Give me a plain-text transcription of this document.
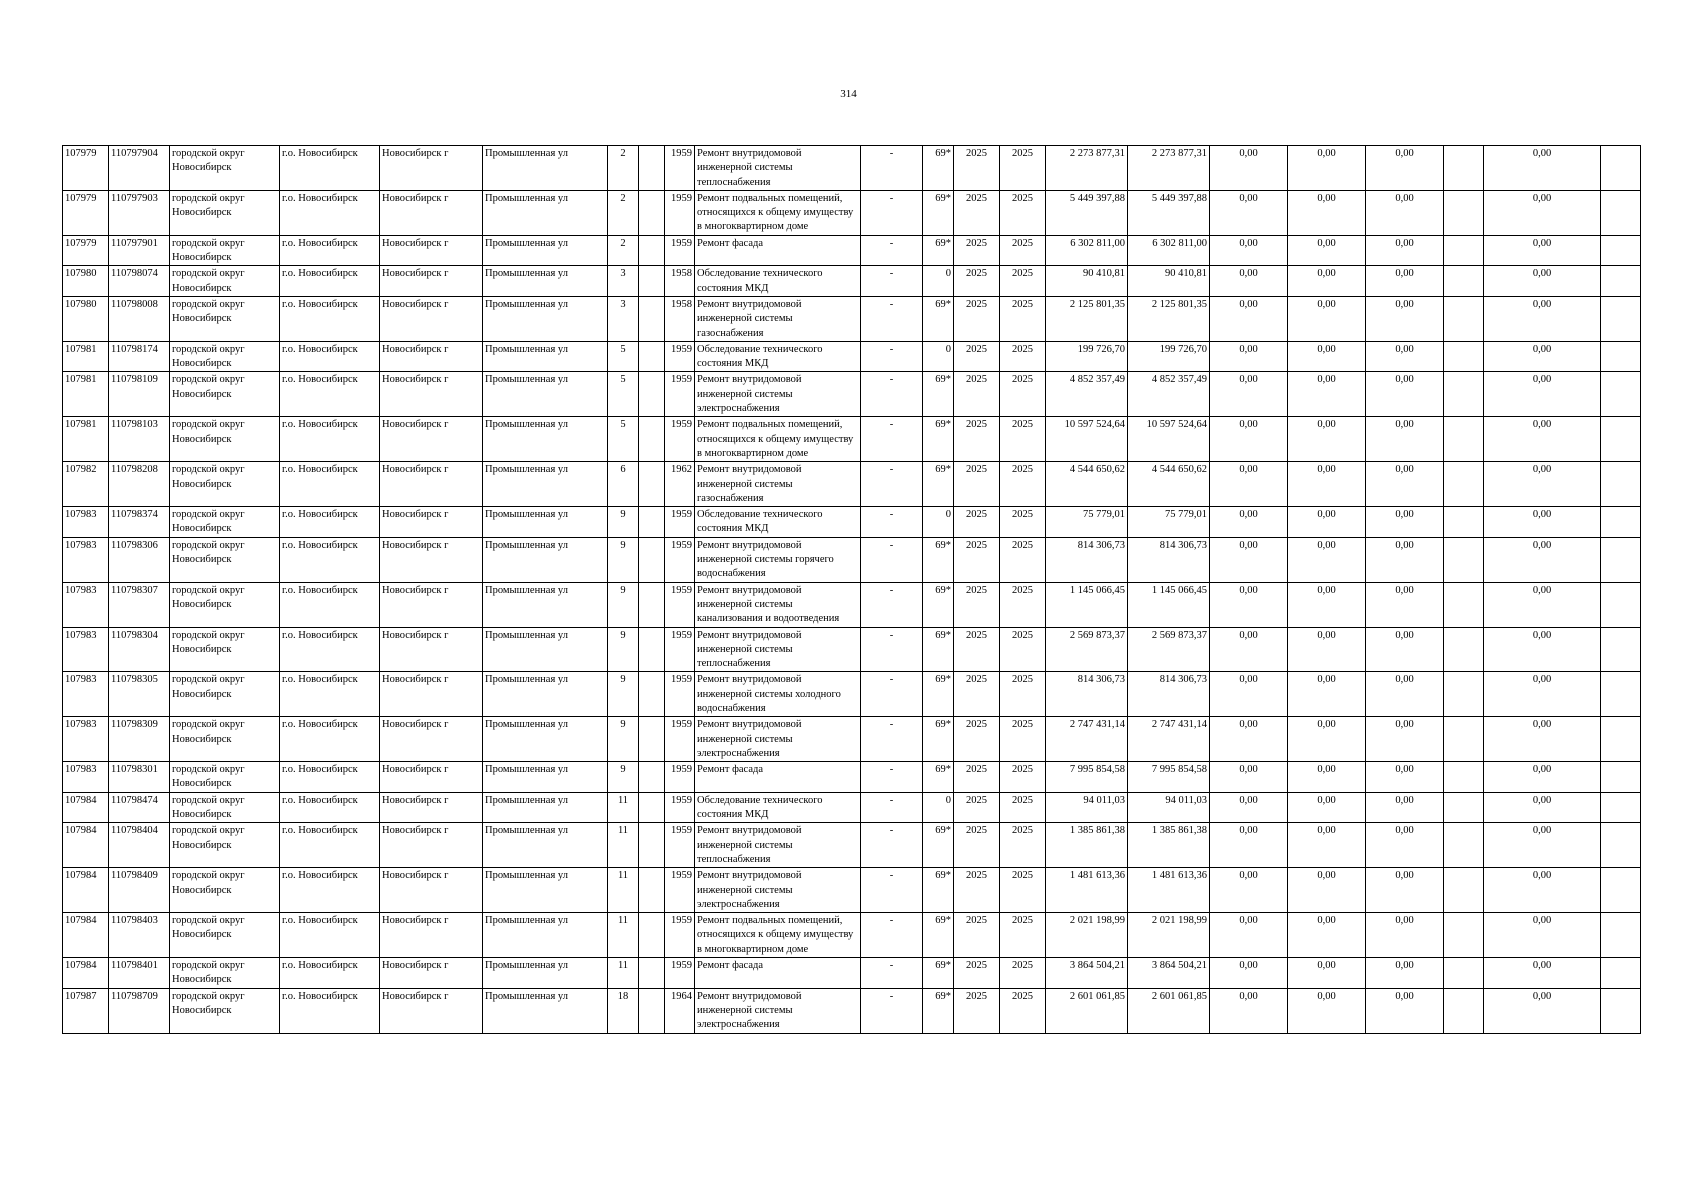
314
107979	110797904	городской округ Новосибирск	г.о. Новосибирск	Новосибирск г	Промышленная ул	2		1959	Ремонт внутридомовой инженерной системы теплоснабжения	-	69*	2025	2025	2 273 877,31	2 273 877,31	0,00	0,00	0,00		0,00	
107979	110797903	городской округ Новосибирск	г.о. Новосибирск	Новосибирск г	Промышленная ул	2		1959	Ремонт подвальных помещений, относящихся к общему имуществу в многоквартирном доме	-	69*	2025	2025	5 449 397,88	5 449 397,88	0,00	0,00	0,00		0,00	
107979	110797901	городской округ Новосибирск	г.о. Новосибирск	Новосибирск г	Промышленная ул	2		1959	Ремонт фасада	-	69*	2025	2025	6 302 811,00	6 302 811,00	0,00	0,00	0,00		0,00	
107980	110798074	городской округ Новосибирск	г.о. Новосибирск	Новосибирск г	Промышленная ул	3		1958	Обследование технического состояния МКД	-	0	2025	2025	90 410,81	90 410,81	0,00	0,00	0,00		0,00	
107980	110798008	городской округ Новосибирск	г.о. Новосибирск	Новосибирск г	Промышленная ул	3		1958	Ремонт внутридомовой инженерной системы газоснабжения	-	69*	2025	2025	2 125 801,35	2 125 801,35	0,00	0,00	0,00		0,00	
107981	110798174	городской округ Новосибирск	г.о. Новосибирск	Новосибирск г	Промышленная ул	5		1959	Обследование технического состояния МКД	-	0	2025	2025	199 726,70	199 726,70	0,00	0,00	0,00		0,00	
107981	110798109	городской округ Новосибирск	г.о. Новосибирск	Новосибирск г	Промышленная ул	5		1959	Ремонт внутридомовой инженерной системы электроснабжения	-	69*	2025	2025	4 852 357,49	4 852 357,49	0,00	0,00	0,00		0,00	
107981	110798103	городской округ Новосибирск	г.о. Новосибирск	Новосибирск г	Промышленная ул	5		1959	Ремонт подвальных помещений, относящихся к общему имуществу в многоквартирном доме	-	69*	2025	2025	10 597 524,64	10 597 524,64	0,00	0,00	0,00		0,00	
107982	110798208	городской округ Новосибирск	г.о. Новосибирск	Новосибирск г	Промышленная ул	6		1962	Ремонт внутридомовой инженерной системы газоснабжения	-	69*	2025	2025	4 544 650,62	4 544 650,62	0,00	0,00	0,00		0,00	
107983	110798374	городской округ Новосибирск	г.о. Новосибирск	Новосибирск г	Промышленная ул	9		1959	Обследование технического состояния МКД	-	0	2025	2025	75 779,01	75 779,01	0,00	0,00	0,00		0,00	
107983	110798306	городской округ Новосибирск	г.о. Новосибирск	Новосибирск г	Промышленная ул	9		1959	Ремонт внутридомовой инженерной системы горячего водоснабжения	-	69*	2025	2025	814 306,73	814 306,73	0,00	0,00	0,00		0,00	
107983	110798307	городской округ Новосибирск	г.о. Новосибирск	Новосибирск г	Промышленная ул	9		1959	Ремонт внутридомовой инженерной системы канализования и водоотведения	-	69*	2025	2025	1 145 066,45	1 145 066,45	0,00	0,00	0,00		0,00	
107983	110798304	городской округ Новосибирск	г.о. Новосибирск	Новосибирск г	Промышленная ул	9		1959	Ремонт внутридомовой инженерной системы теплоснабжения	-	69*	2025	2025	2 569 873,37	2 569 873,37	0,00	0,00	0,00		0,00	
107983	110798305	городской округ Новосибирск	г.о. Новосибирск	Новосибирск г	Промышленная ул	9		1959	Ремонт внутридомовой инженерной системы холодного водоснабжения	-	69*	2025	2025	814 306,73	814 306,73	0,00	0,00	0,00		0,00	
107983	110798309	городской округ Новосибирск	г.о. Новосибирск	Новосибирск г	Промышленная ул	9		1959	Ремонт внутридомовой инженерной системы электроснабжения	-	69*	2025	2025	2 747 431,14	2 747 431,14	0,00	0,00	0,00		0,00	
107983	110798301	городской округ Новосибирск	г.о. Новосибирск	Новосибирск г	Промышленная ул	9		1959	Ремонт фасада	-	69*	2025	2025	7 995 854,58	7 995 854,58	0,00	0,00	0,00		0,00	
107984	110798474	городской округ Новосибирск	г.о. Новосибирск	Новосибирск г	Промышленная ул	11		1959	Обследование технического состояния МКД	-	0	2025	2025	94 011,03	94 011,03	0,00	0,00	0,00		0,00	
107984	110798404	городской округ Новосибирск	г.о. Новосибирск	Новосибирск г	Промышленная ул	11		1959	Ремонт внутридомовой инженерной системы теплоснабжения	-	69*	2025	2025	1 385 861,38	1 385 861,38	0,00	0,00	0,00		0,00	
107984	110798409	городской округ Новосибирск	г.о. Новосибирск	Новосибирск г	Промышленная ул	11		1959	Ремонт внутридомовой инженерной системы электроснабжения	-	69*	2025	2025	1 481 613,36	1 481 613,36	0,00	0,00	0,00		0,00	
107984	110798403	городской округ Новосибирск	г.о. Новосибирск	Новосибирск г	Промышленная ул	11		1959	Ремонт подвальных помещений, относящихся к общему имуществу в многоквартирном доме	-	69*	2025	2025	2 021 198,99	2 021 198,99	0,00	0,00	0,00		0,00	
107984	110798401	городской округ Новосибирск	г.о. Новосибирск	Новосибирск г	Промышленная ул	11		1959	Ремонт фасада	-	69*	2025	2025	3 864 504,21	3 864 504,21	0,00	0,00	0,00		0,00	
107987	110798709	городской округ Новосибирск	г.о. Новосибирск	Новосибирск г	Промышленная ул	18		1964	Ремонт внутридомовой инженерной системы электроснабжения	-	69*	2025	2025	2 601 061,85	2 601 061,85	0,00	0,00	0,00		0,00	
